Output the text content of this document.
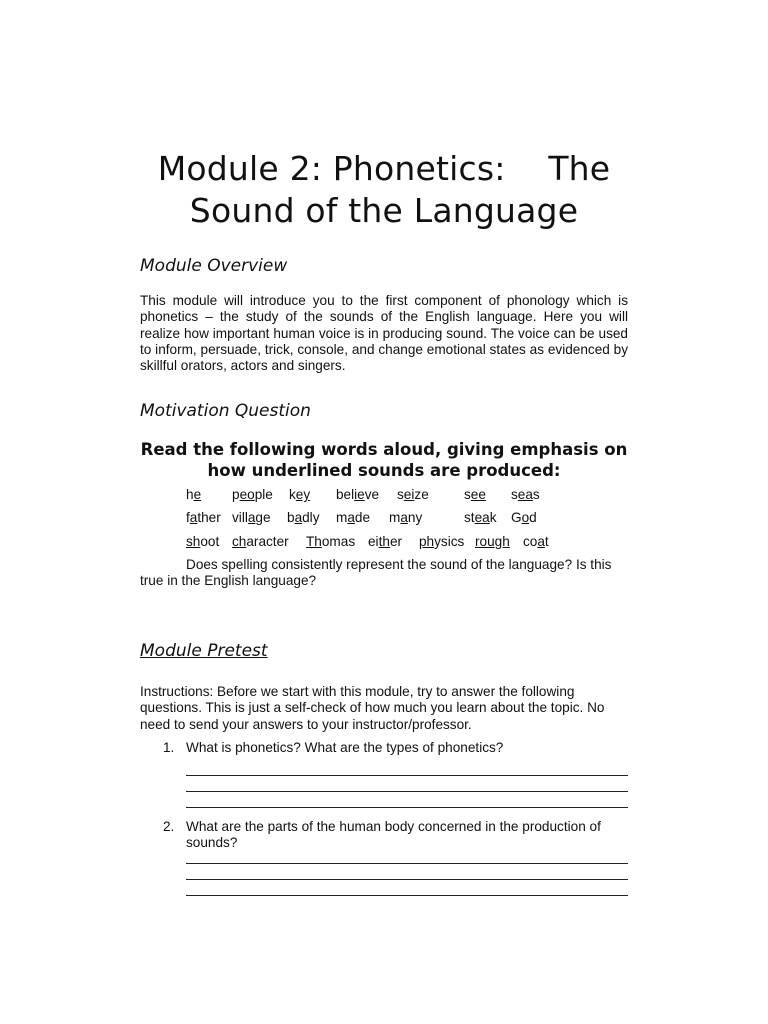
Module 2: Phonetics:    The
Sound of the Language
Module Overview

This module will introduce you to the first component of phonology which is phonetics – the study of the sounds of the English language. Here you will realize how important human voice is in producing sound. The voice can be used to inform, persuade, trick, console, and change emotional states as evidenced by skillful orators, actors and singers.

Motivation Question

Read the following words aloud, giving emphasis on how underlined sounds are produced:

he people key believe seize	see seas
father village badly made many	steak God
shoot character Thomas either physics rough coat

Does spelling consistently represent the sound of the language? Is this true in the English language?

Module Pretest

Instructions: Before we start with this module, try to answer the following questions. This is just a self-check of how much you learn about the topic. No need to send your answers to your instructor/professor.

1. What is phonetics? What are the types of phonetics?
2. What are the parts of the human body concerned in the production of sounds?
